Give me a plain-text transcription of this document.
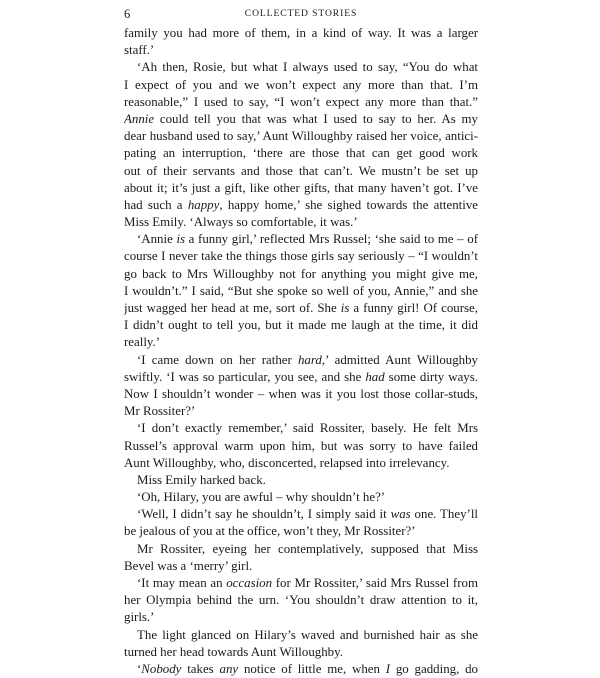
6	COLLECTED STORIES
family you had more of them, in a kind of way. It was a larger
staff.’
‘Ah then, Rosie, but what I always used to say, “You do what
I expect of you and we won’t expect any more than that. I’m
reasonable,” I used to say, “I won’t expect any more than that.”
Annie could tell you that was what I used to say to her. As my
dear husband used to say,’ Aunt Willoughby raised her voice, antici-
pating an interruption, ‘there are those that can get good work
out of their servants and those that can’t. We mustn’t be set up
about it; it’s just a gift, like other gifts, that many haven’t got. I’ve
had such a happy, happy home,’ she sighed towards the attentive
Miss Emily. ‘Always so comfortable, it was.’
‘Annie is a funny girl,’ reflected Mrs Russel; ‘she said to me – of
course I never take the things those girls say seriously – “I wouldn’t
go back to Mrs Willoughby not for anything you might give me,
I wouldn’t.” I said, “But she spoke so well of you, Annie,” and she
just wagged her head at me, sort of. She is a funny girl! Of course,
I didn’t ought to tell you, but it made me laugh at the time, it did
really.’
‘I came down on her rather hard,’ admitted Aunt Willoughby
swiftly. ‘I was so particular, you see, and she had some dirty ways.
Now I shouldn’t wonder – when was it you lost those collar-studs,
Mr Rossiter?’
‘I don’t exactly remember,’ said Rossiter, basely. He felt Mrs
Russel’s approval warm upon him, but was sorry to have failed
Aunt Willoughby, who, disconcerted, relapsed into irrelevancy.
Miss Emily harked back.
‘Oh, Hilary, you are awful – why shouldn’t he?’
‘Well, I didn’t say he shouldn’t, I simply said it was one. They’ll
be jealous of you at the office, won’t they, Mr Rossiter?’
Mr Rossiter, eyeing her contemplatively, supposed that Miss
Bevel was a ‘merry’ girl.
‘It may mean an occasion for Mr Rossiter,’ said Mrs Russel from
her Olympia behind the urn. ‘You shouldn’t draw attention to it,
girls.’
The light glanced on Hilary’s waved and burnished hair as she
turned her head towards Aunt Willoughby.
‘Nobody takes any notice of little me, when I go gadding, do
